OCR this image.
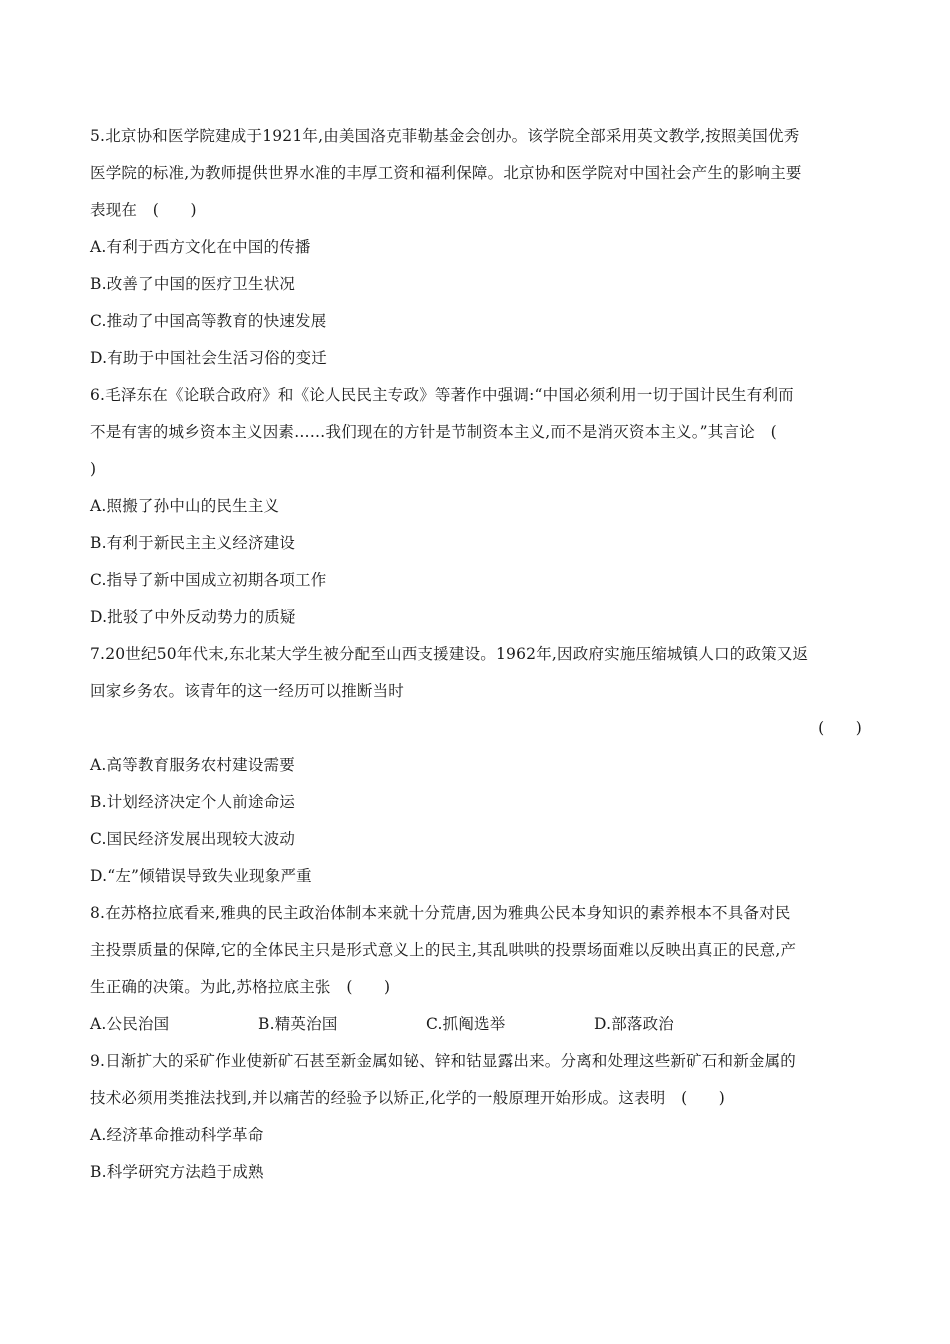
5.北京协和医学院建成于1921年,由美国洛克菲勒基金会创办。该学院全部采用英文教学,按照美国优秀
医学院的标准,为教师提供世界水准的丰厚工资和福利保障。北京协和医学院对中国社会产生的影响主要
表现在　(　　)
A.有利于西方文化在中国的传播
B.改善了中国的医疗卫生状况
C.推动了中国高等教育的快速发展
D.有助于中国社会生活习俗的变迁
6.毛泽东在《论联合政府》和《论人民民主专政》等著作中强调:“中国必须利用一切于国计民生有利而
不是有害的城乡资本主义因素……我们现在的方针是节制资本主义,而不是消灭资本主义。”其言论　(
)
A.照搬了孙中山的民生主义
B.有利于新民主主义经济建设
C.指导了新中国成立初期各项工作
D.批驳了中外反动势力的质疑
7.20世纪50年代末,东北某大学生被分配至山西支援建设。1962年,因政府实施压缩城镇人口的政策又返
回家乡务农。该青年的这一经历可以推断当时
(　　)
A.高等教育服务农村建设需要
B.计划经济决定个人前途命运
C.国民经济发展出现较大波动
D.“左”倾错误导致失业现象严重
8.在苏格拉底看来,雅典的民主政治体制本来就十分荒唐,因为雅典公民本身知识的素养根本不具备对民
主投票质量的保障,它的全体民主只是形式意义上的民主,其乱哄哄的投票场面难以反映出真正的民意,产
生正确的决策。为此,苏格拉底主张　(　　)
A.公民治国	B.精英治国	C.抓阄选举	D.部落政治
9.日渐扩大的采矿作业使新矿石甚至新金属如铋、锌和钴显露出来。分离和处理这些新矿石和新金属的
技术必须用类推法找到,并以痛苦的经验予以矫正,化学的一般原理开始形成。这表明　(　　)
A.经济革命推动科学革命
B.科学研究方法趋于成熟
